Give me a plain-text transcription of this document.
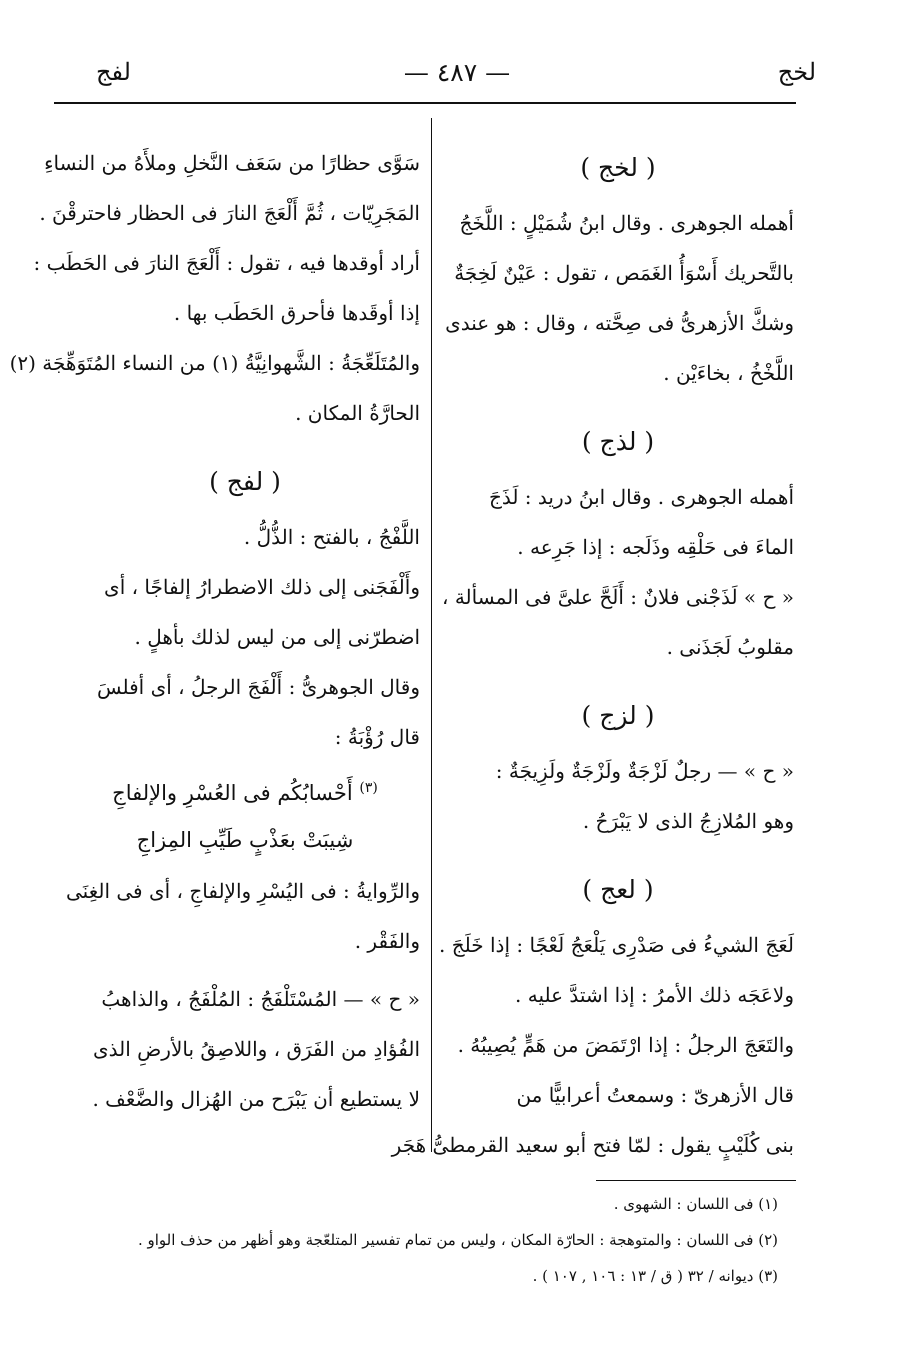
لخج
— ٤٨٧ —
لفج
( لخج )
أهمله الجوهرى . وقال ابنُ شُمَيْلٍ : اللَّخَجُ
بالتَّحريك أَسْوَأُ الغَمَص ، تقول : عَيْنٌ لَخِجَةٌ
وشكَّ الأزهرىُّ فى صِحَّته ، وقال : هو عندى
اللَّخْخُ ، بخاءَيْن .
( لذج )
أهمله الجوهرى . وقال ابنُ دريد : لَذَجَ
الماءَ فى حَلْقِه وذَلَجه : إذا جَرِعه .
« ح » لَذَجْنى فلانٌ : أَلَحَّ علىَّ فى المسألة ،
مقلوبُ لَجَذَنى .
( لزج )
« ح » — رجلٌ لَزْجَةٌ ولَزْجَةٌ ولَزِيجَةٌ :
وهو المُلازِجُ الذى لا يَبْرَحُ .
( لعج )
لَعَجَ الشيءُ فى صَدْرِى يَلْعَجُ لَعْجًا : إذا خَلَجَ .
ولاعَجَه ذلك الأمرُ : إذا اشتدَّ عليه .
والتَعَجَ الرجلُ : إذا ارْتَمَضَ من هَمٍّ يُصِيبُهُ .
قال الأزهرىّ : وسمعتُ أعرابيًّا من
بنى كُلَيْبٍ يقول : لمّا فتح أبو سعيد القرمطىُّ هَجَر
سَوَّى حظارًا من سَعَف النَّخلِ وملأَهُ من النساءِ
المَجَرِيّات ، ثُمَّ أَلْعَجَ النارَ فى الحظار فاحترقْنَ .
أراد أوقدها فيه ، تقول : أَلْعَجَ النارَ فى الحَطَب :
إذا أوقَدها فأحرق الحَطَب بها .
والمُتَلَعِّجَةُ : الشَّهوانِيَّةُ (١) من النساء المُتَوَهِّجَة (٢)
الحارَّةُ المكان .
( لفج )
اللَّفْجُ ، بالفتح : الذُّلُّ .
وأَلْفَجَنى إلى ذلك الاضطرارُ إلفاجًا ، أى
اضطرّنى إلى من ليس لذلك بأهلٍ .
وقال الجوهرىُّ : أَلْفَجَ الرجلُ ، أى أفلسَ
قال رُؤْبَةُ :
$^{(٣)}$ أَحْسابُكُم فى العُسْرِ والإلفاجِ
شِيبَتْ بعَذْبٍ طَيِّبِ المِزاجِ
والرِّوايةُ : فى اليُسْرِ والإلفاجِ ، أى فى الغِنَى
والفَقْر .
« ح » — المُسْتَلْفَجُ : المُلْفَجُ ، والذاهبُ
الفُؤادِ من الفَرَق ، واللاصِقُ بالأرضِ الذى
لا يستطيع أن يَبْرَح من الهُزال والضَّعْف .
(١) فى اللسان : الشهوى .
(٢) فى اللسان : والمتوهجة : الحارّة المكان ، وليس من تمام تفسير المتلعّجة وهو أظهر من حذف الواو .
(٣) ديوانه / ٣٢ ( ق / ١٣ : ١٠٦ , ١٠٧ ) .
